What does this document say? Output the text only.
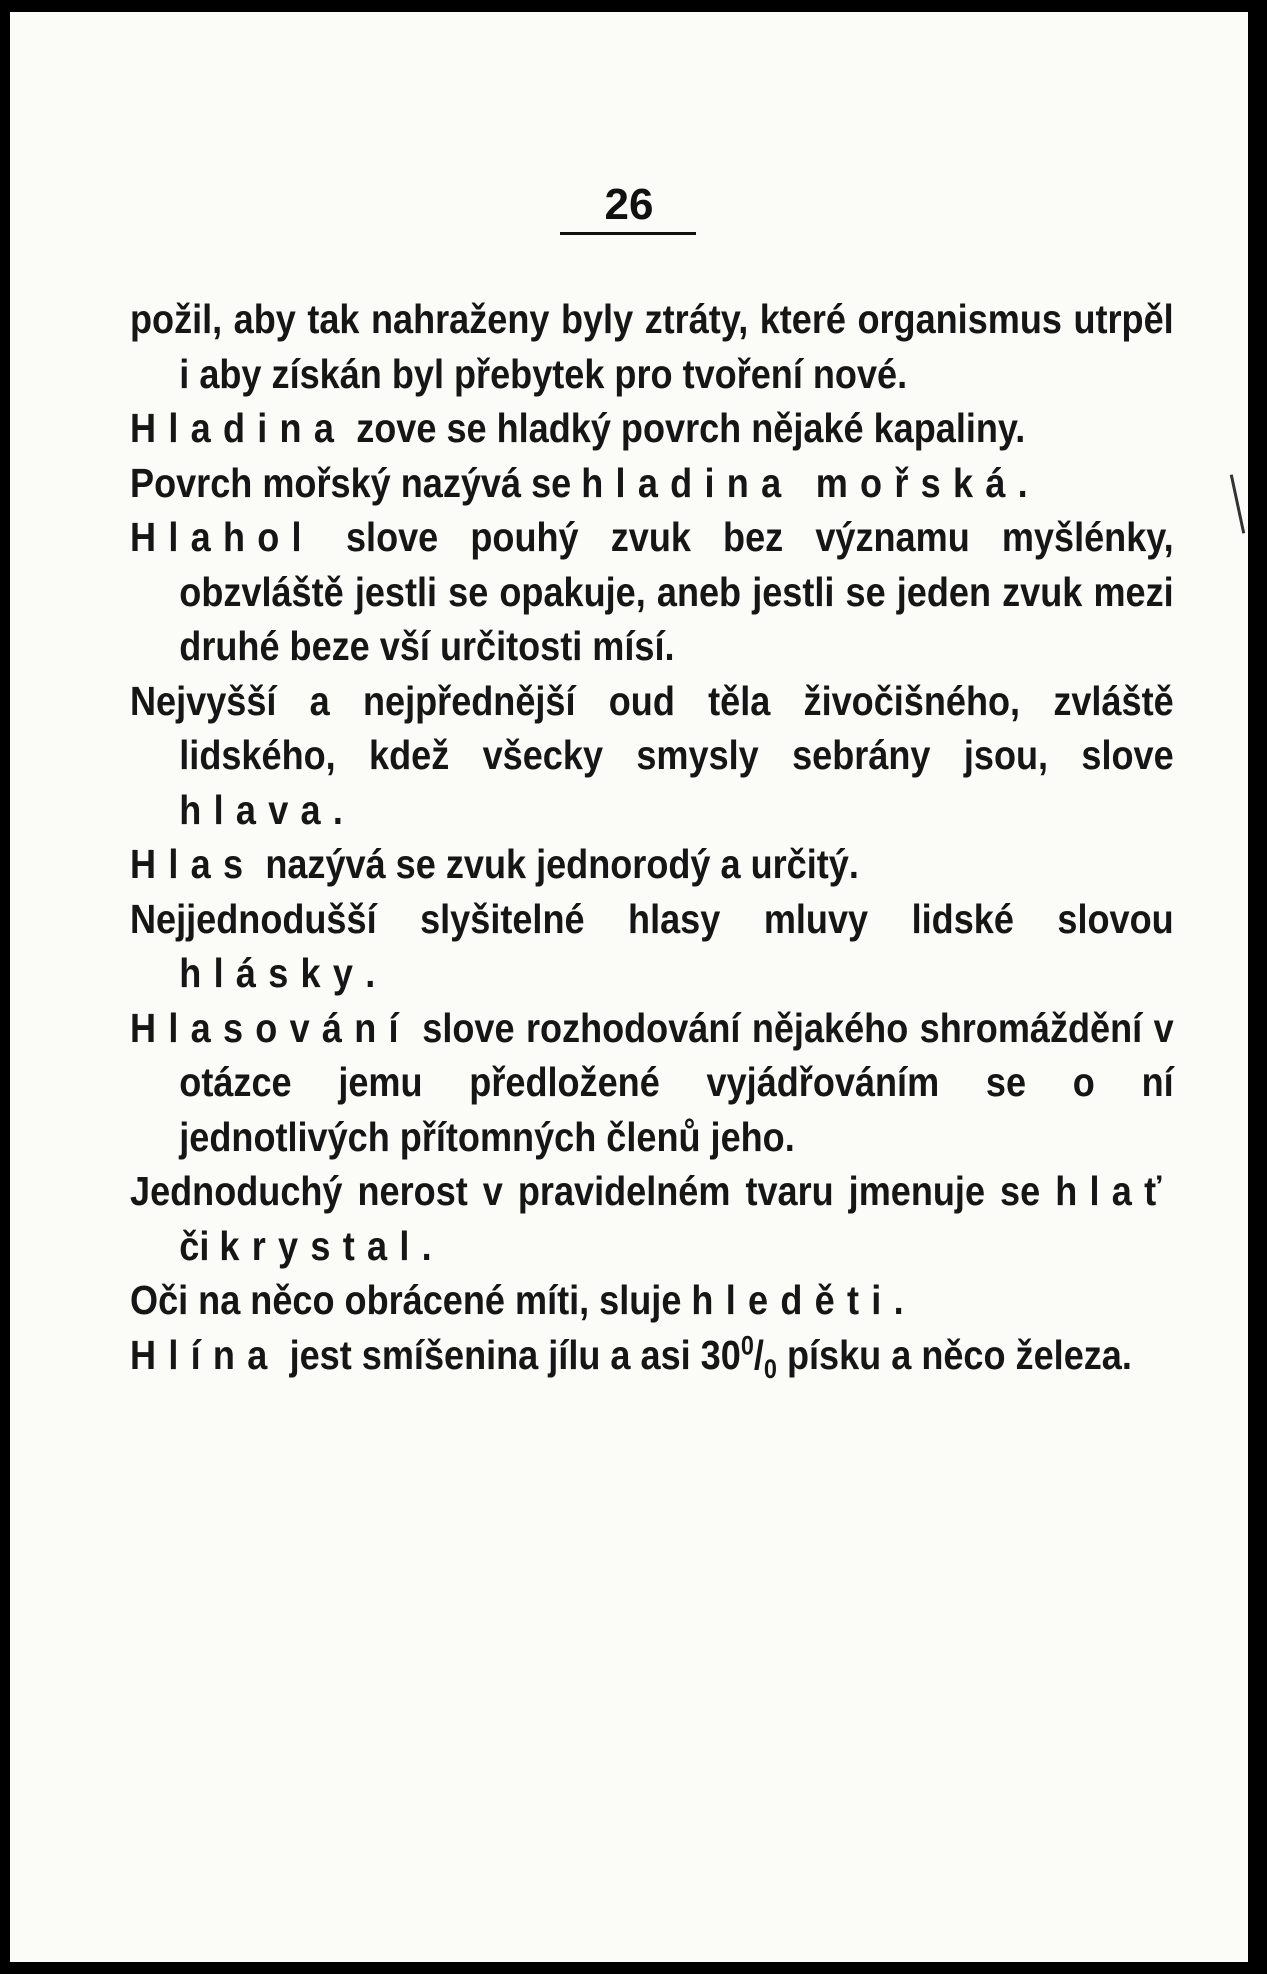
26

požil, aby tak nahraženy byly ztráty, které organismus utrpěl i aby získán byl přebytek pro tvoření nové.

Hladina zove se hladký povrch nějaké kapaliny.

Povrch mořský nazývá se hladina mořská.

Hlahol slove pouhý zvuk bez významu myšlénky, obzvláště jestli se opakuje, aneb jestli se jeden zvuk mezi druhé beze vší určitosti mísí.

Nejvyšší a nejpřednější oud těla živočišného, zvláště lidského, kdež všecky smysly sebrány jsou, slove hlava.

Hlas nazývá se zvuk jednorodý a určitý.

Nejjednodušší slyšitelné hlasy mluvy lidské slovou hlásky.

Hlasování slove rozhodování nějakého shromáždění v otázce jemu předložené vyjádřováním se o ní jednotlivých přítomných členů jeho.

Jednoduchý nerost v pravidelném tvaru jmenuje se hlať či krystal.

Oči na něco obrácené míti, sluje hleděti.

Hlína jest smíšenina jílu a asi $30^0/_0$ písku a něco železa.
